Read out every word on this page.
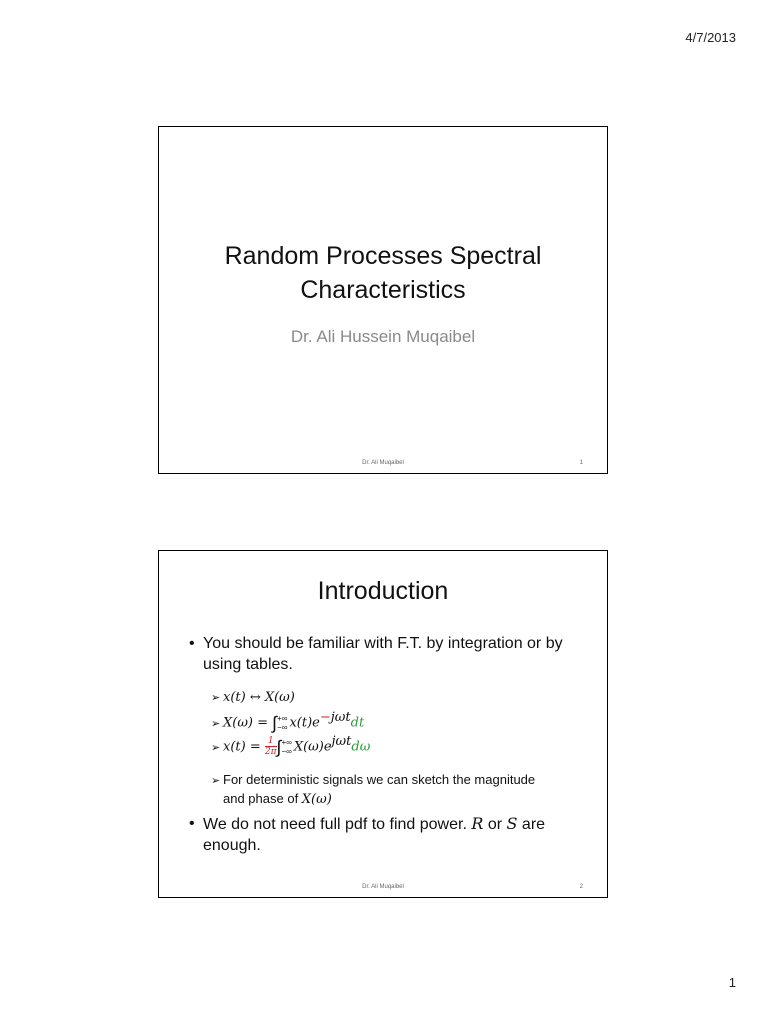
4/7/2013
Random Processes Spectral
Characteristics
Dr. Ali Hussein Muqaibel
Dr. Ali Muqaibel	1
Introduction
• You should be familiar with F.T. by integration or by using tables.
➢ x(t) ↔ X(ω)
➢ X(ω) = ∫ +∞
−∞ $x(t)e^{-j\omega t}dt$
➢ $x(t) = \frac{1}{2\pi}$ ∫ +∞
−∞ $X(\omega)e^{j\omega t}d\omega$
➢ For deterministic signals we can sketch the magnitude
and phase of X(ω)
• We do not need full pdf to find power. R or S are enough.
Dr. Ali Muqaibel	2
1
